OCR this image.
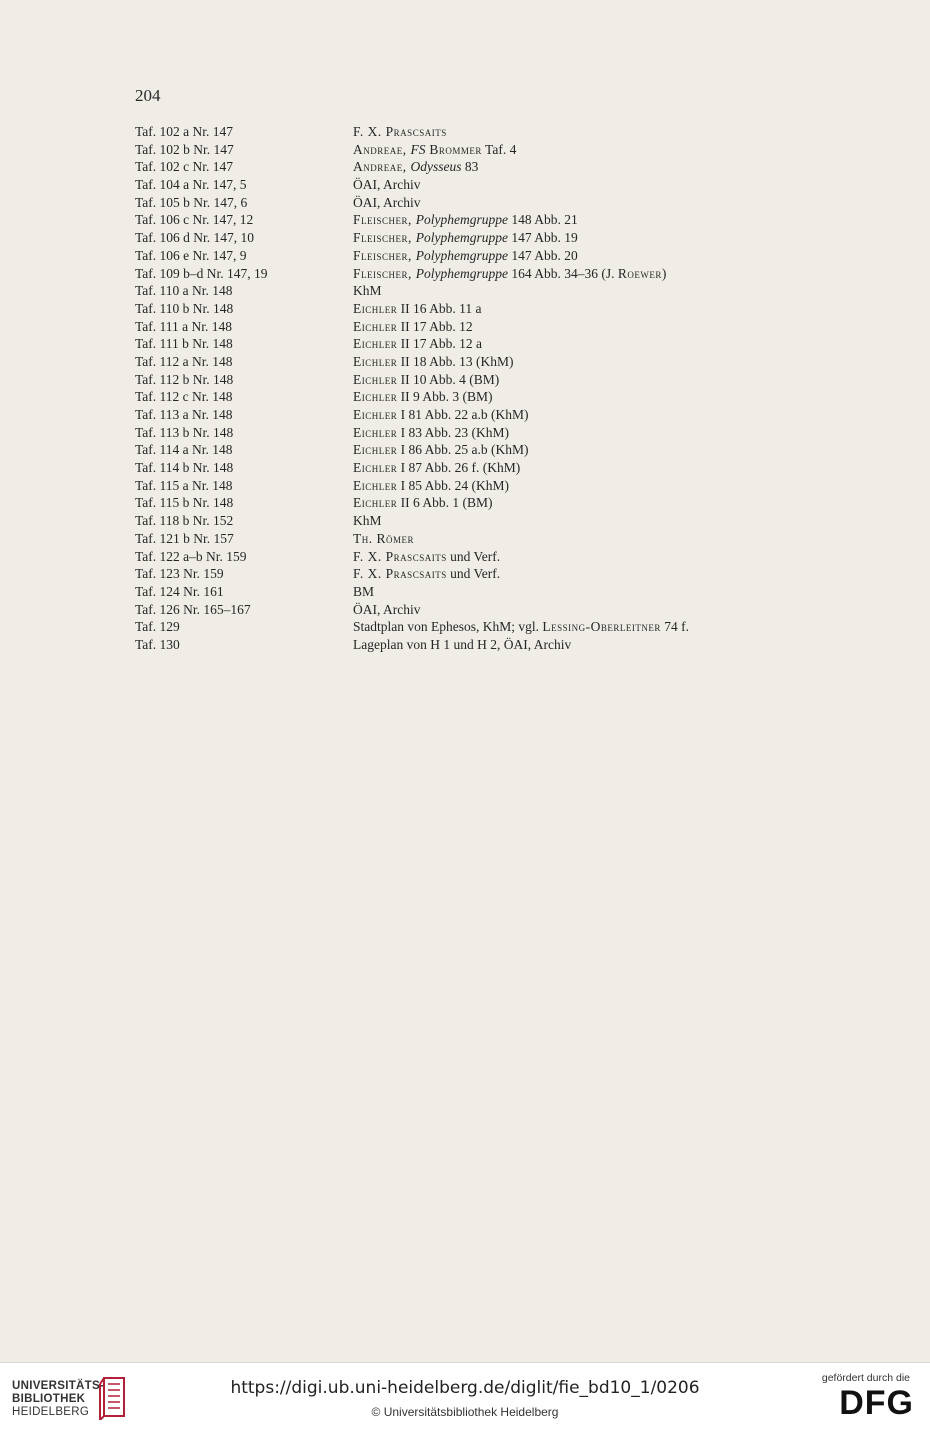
204
Taf. 102 a Nr. 147	F. X. Prascsaits
Taf. 102 b Nr. 147	Andreae, FS Brommer Taf. 4
Taf. 102 c Nr. 147	Andreae, Odysseus 83
Taf. 104 a Nr. 147, 5	ÖAI, Archiv
Taf. 105 b Nr. 147, 6	ÖAI, Archiv
Taf. 106 c Nr. 147, 12	Fleischer, Polyphemgruppe 148 Abb. 21
Taf. 106 d Nr. 147, 10	Fleischer, Polyphemgruppe 147 Abb. 19
Taf. 106 e Nr. 147, 9	Fleischer, Polyphemgruppe 147 Abb. 20
Taf. 109 b–d Nr. 147, 19	Fleischer, Polyphemgruppe 164 Abb. 34–36 (J. Roewer)
Taf. 110 a Nr. 148	KhM
Taf. 110 b Nr. 148	Eichler II 16 Abb. 11 a
Taf. 111 a Nr. 148	Eichler II 17 Abb. 12
Taf. 111 b Nr. 148	Eichler II 17 Abb. 12 a
Taf. 112 a Nr. 148	Eichler II 18 Abb. 13 (KhM)
Taf. 112 b Nr. 148	Eichler II 10 Abb. 4 (BM)
Taf. 112 c Nr. 148	Eichler II 9 Abb. 3 (BM)
Taf. 113 a Nr. 148	Eichler I 81 Abb. 22 a.b (KhM)
Taf. 113 b Nr. 148	Eichler I 83 Abb. 23 (KhM)
Taf. 114 a Nr. 148	Eichler I 86 Abb. 25 a.b (KhM)
Taf. 114 b Nr. 148	Eichler I 87 Abb. 26 f. (KhM)
Taf. 115 a Nr. 148	Eichler I 85 Abb. 24 (KhM)
Taf. 115 b Nr. 148	Eichler II 6 Abb. 1 (BM)
Taf. 118 b Nr. 152	KhM
Taf. 121 b Nr. 157	Th. Römer
Taf. 122 a–b Nr. 159	F. X. Prascsaits und Verf.
Taf. 123 Nr. 159	F. X. Prascsaits und Verf.
Taf. 124 Nr. 161	BM
Taf. 126 Nr. 165–167	ÖAI, Archiv
Taf. 129	Stadtplan von Ephesos, KhM; vgl. Lessing-Oberleitner 74 f.
Taf. 130	Lageplan von H 1 und H 2, ÖAI, Archiv
UNIVERSITÄTS-
BIBLIOTHEK
HEIDELBERG
https://digi.ub.uni-heidelberg.de/diglit/fie_bd10_1/0206
© Universitätsbibliothek Heidelberg
gefördert durch die
DFG
